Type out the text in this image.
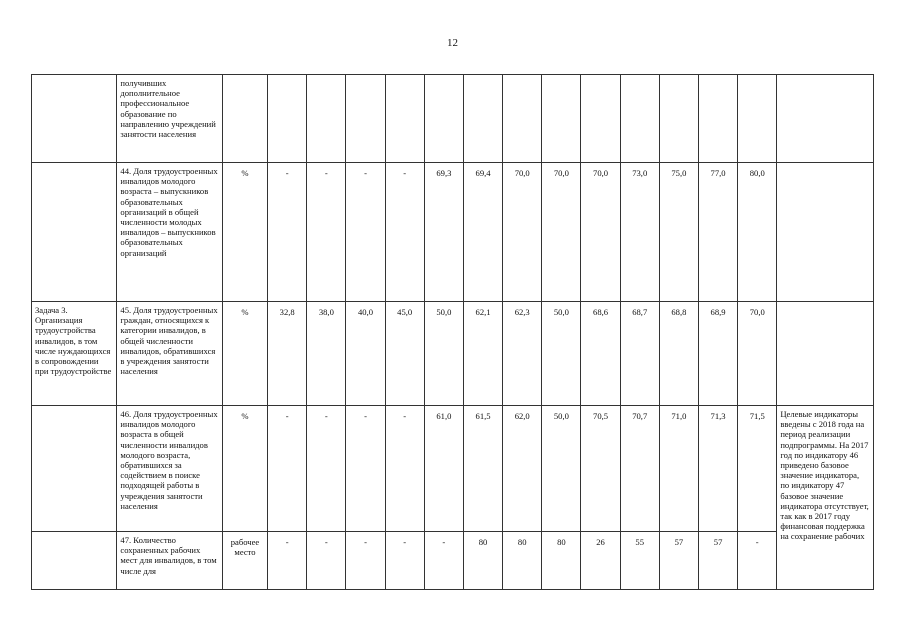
12
	получивших дополнительное профессиональное образование по направлению учреждений занятости населения															
	44. Доля трудоустроенных инвалидов молодого возраста – выпускников образовательных организаций в общей численности молодых инвалидов – выпускников образовательных организаций	%	-	-	-	-	69,3	69,4	70,0	70,0	70,0	73,0	75,0	77,0	80,0	
Задача 3. Организация трудоустройства инвалидов, в том числе нуждающихся в сопровождении при трудоустройстве	45. Доля трудоустроенных граждан, относящихся к категории инвалидов, в общей численности инвалидов, обратившихся в учреждения занятости населения	%	32,8	38,0	40,0	45,0	50,0	62,1	62,3	50,0	68,6	68,7	68,8	68,9	70,0	
	46. Доля трудоустроенных инвалидов молодого возраста в общей численности инвалидов молодого возраста, обратившихся за содействием в поиске подходящей работы в учреждения занятости населения	%	-	-	-	-	61,0	61,5	62,0	50,0	70,5	70,7	71,0	71,3	71,5	Целевые индикаторы введены с 2018 года на период реализации подпрограммы. На 2017 год по индикатору 46 приведено базовое значение индикатора, по индикатору 47 базовое значение индикатора отсутствует, так как в 2017 году финансовая поддержка на сохранение рабочих
	47. Количество сохраненных рабочих мест для инвалидов, в том числе для	рабочее место	-	-	-	-	-	80	80	80	26	55	57	57	-	
